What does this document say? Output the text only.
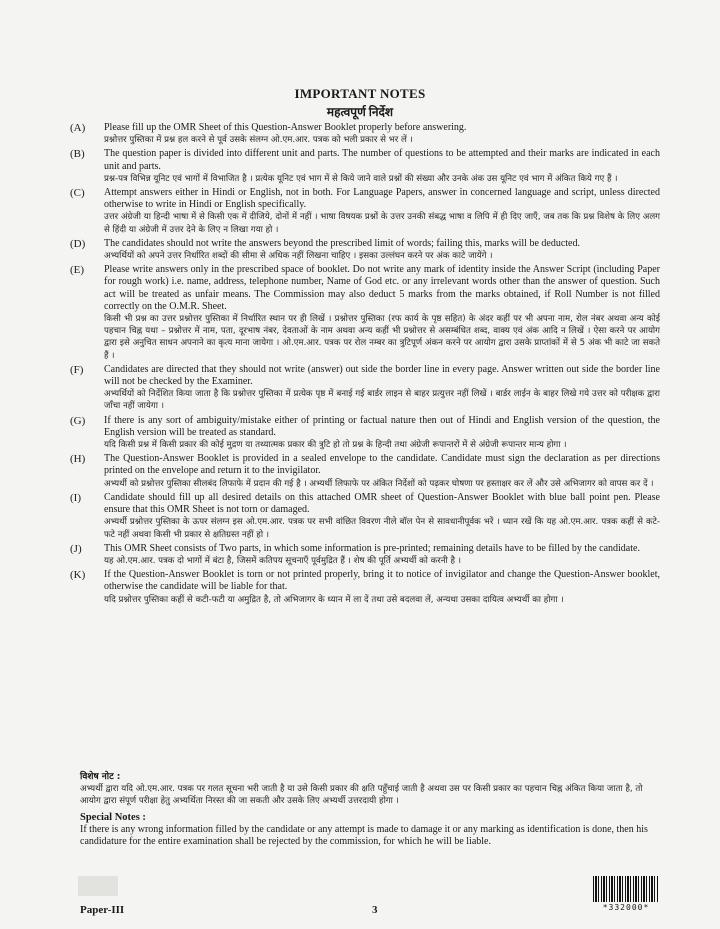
IMPORTANT NOTES
महत्वपूर्ण निर्देश
(A)	Please fill up the OMR Sheet of this Question-Answer Booklet properly before answering.
प्रश्नोत्तर पुस्तिका में प्रश्न हल करने से पूर्व उसके संलग्न ओ.एम.आर. पत्रक को भली प्रकार से भर लें ।
(B)	The question paper is divided into different unit and parts. The number of questions to be attempted and their marks are indicated in each unit and parts.
प्रश्न-पत्र विभिन्न यूनिट एवं भागों में विभाजित है । प्रत्येक यूनिट एवं भाग में से किये जाने वाले प्रश्नों की संख्या और उनके अंक उस यूनिट एवं भाग में अंकित किये गए हैं ।
(C)	Attempt answers either in Hindi or English, not in both. For Language Papers, answer in concerned language and script, unless directed otherwise to write in Hindi or English specifically.
उत्तर अंग्रेजी या हिन्दी भाषा में से किसी एक में दीजिये, दोनों में नहीं । भाषा विषयक प्रश्नों के उत्तर उनकी संबद्ध भाषा व लिपि में ही दिए जाएँ, जब तक कि प्रश्न विशेष के लिए अलग से हिंदी या अंग्रेजी में उत्तर देने के लिए न लिखा गया हो ।
(D)	The candidates should not write the answers beyond the prescribed limit of words; failing this, marks will be deducted.
अभ्यर्थियों को अपने उत्तर निर्धारित शब्दों की सीमा से अधिक नहीं लिखना चाहिए । इसका उल्लंघन करने पर अंक काटे जायेंगे ।
(E)	Please write answers only in the prescribed space of booklet. Do not write any mark of identity inside the Answer Script (including Paper for rough work) i.e. name, address, telephone number, Name of God etc. or any irrelevant words other than the answer of question. Such act will be treated as unfair means. The Commission may also deduct 5 marks from the marks obtained, if Roll Number is not filled correctly on the O.M.R. Sheet.
किसी भी प्रश्न का उत्तर प्रश्नोत्तर पुस्तिका में निर्धारित स्थान पर ही लिखें । प्रश्नोत्तर पुस्तिका (रफ कार्य के पृष्ठ सहित) के अंदर कहीं पर भी अपना नाम, रोल नंबर अथवा अन्य कोई पहचान चिह्न यथा – प्रश्नोत्तर में नाम, पता, दूरभाष नंबर, देवताओं के नाम अथवा अन्य कहीं भी प्रश्नोत्तर से असम्बंधित शब्द, वाक्य एवं अंक आदि न लिखें । ऐसा करने पर आयोग द्वारा इसे अनुचित साधन अपनाने का कृत्य माना जायेगा । ओ.एम.आर. पत्रक पर रोल नम्बर का त्रुटिपूर्ण अंकन करने पर आयोग द्वारा उसके प्राप्तांकों में से 5 अंक भी काटे जा सकते हैं ।
(F)	Candidates are directed that they should not write (answer) out side the border line in every page. Answer written out side the border line will not be checked by the Examiner.
अभ्यर्थियों को निर्देशित किया जाता है कि प्रश्नोत्तर पुस्तिका में प्रत्येक पृष्ठ में बनाई गई बार्डर लाइन से बाहर प्रत्युत्तर नहीं लिखें । बार्डर लाईन के बाहर लिखे गये उत्तर को परीक्षक द्वारा जाँचा नहीं जायेगा ।
(G)	If there is any sort of ambiguity/mistake either of printing or factual nature then out of Hindi and English version of the question, the English version will be treated as standard.
यदि किसी प्रश्न में किसी प्रकार की कोई मुद्रण या तथ्यात्मक प्रकार की त्रुटि हो तो प्रश्न के हिन्दी तथा अंग्रेजी रूपान्तरों में से अंग्रेजी रूपान्तर मान्य होगा ।
(H)	The Question-Answer Booklet is provided in a sealed envelope to the candidate. Candidate must sign the declaration as per directions printed on the envelope and return it to the invigilator.
अभ्यर्थी को प्रश्नोत्तर पुस्तिका सीलबंद लिफाफे में प्रदान की गई है । अभ्यर्थी लिफाफे पर अंकित निर्देशों को पढ़कर घोषणा पर हस्ताक्षर कर लें और उसे अभिजागर को वापस कर दें ।
(I)	Candidate should fill up all desired details on this attached OMR sheet of Question-Answer Booklet with blue ball point pen. Please ensure that this OMR Sheet is not torn or damaged.
अभ्यर्थी प्रश्नोत्तर पुस्तिका के ऊपर संलग्न इस ओ.एम.आर. पत्रक पर सभी वांछित विवरण नीले बॉल पेन से सावधानीपूर्वक भरें । ध्यान रखें कि यह ओ.एम.आर. पत्रक कहीं से कटे-फटे नहीं अथवा किसी भी प्रकार से क्षतिग्रस्त नहीं हो ।
(J)	This OMR Sheet consists of Two parts, in which some information is pre-printed; remaining details have to be filled by the candidate.
यह ओ.एम.आर. पत्रक दो भागों में बंटा है, जिसमें कतिपय सूचनाएँ पूर्वमुद्रित हैं । शेष की पूर्ति अभ्यर्थी को करनी है ।
(K)	If the Question-Answer Booklet is torn or not printed properly, bring it to notice of invigilator and change the Question-Answer booklet, otherwise the candidate will be liable for that.
यदि प्रश्नोत्तर पुस्तिका कहीं से कटी-फटी या अमुद्रित है, तो अभिजागर के ध्यान में ला दें तथा उसे बदलवा लें, अन्यथा उसका दायित्व अभ्यर्थी का होगा ।
विशेष नोट :
अभ्यर्थी द्वारा यदि ओ.एम.आर. पत्रक पर गलत सूचना भरी जाती है या उसे किसी प्रकार की क्षति पहुँचाई जाती है अथवा उस पर किसी प्रकार का पहचान चिह्न अंकित किया जाता है, तो आयोग द्वारा संपूर्ण परीक्षा हेतु अभ्यर्थिता निरस्त की जा सकती और उसके लिए अभ्यर्थी उत्तरदायी होगा ।
Special Notes :
If there is any wrong information filled by the candidate or any attempt is made to damage it or any marking as identification is done, then his candidature for the entire examination shall be rejected by the commission, for which he will be liable.
Paper-III	3	*332000*
